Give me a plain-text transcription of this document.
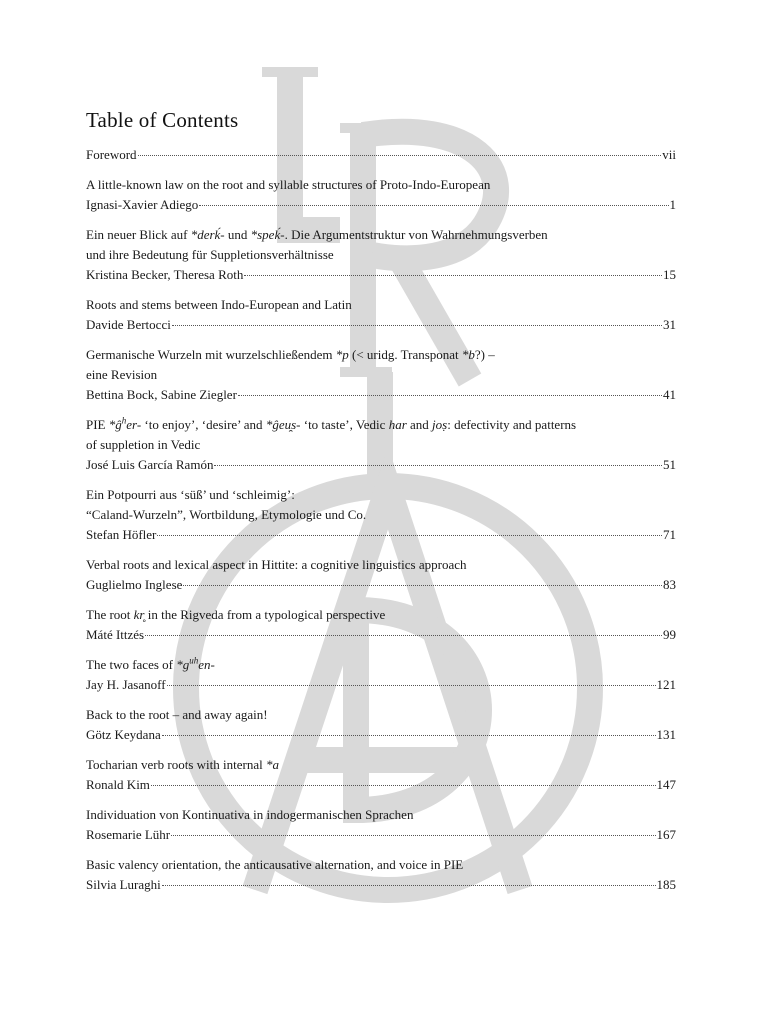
Table of Contents
Foreword	vii
A little-known law on the root and syllable structures of Proto-Indo-European
Ignasi-Xavier Adiego	1
Ein neuer Blick auf *derḱ- und *speḱ-. Die Argumentstruktur von Wahrnehmungsverben
und ihre Bedeutung für Suppletionsverhältnisse
Kristina Becker, Theresa Roth	15
Roots and stems between Indo-European and Latin
Davide Bertocci	31
Germanische Wurzeln mit wurzelschließendem *p (< uridg. Transponat *b?) –
eine Revision
Bettina Bock, Sabine Ziegler	41
PIE $*ĝ^her-$ ‘to enjoy’, ‘desire’ and *ĝeu̯s- ‘to taste’, Vedic har and joṣ: defectivity and patterns
of suppletion in Vedic
José Luis García Ramón	51
Ein Potpourri aus ‘süß’ und ‘schleimig’:
“Caland-Wurzeln”, Wortbildung, Etymologie und Co.
Stefan Höfler	71
Verbal roots and lexical aspect in Hittite: a cognitive linguistics approach
Guglielmo Inglese	83
The root kr̥ in the Rigveda from a typological perspective
Máté Ittzés	99
The two faces of $*g^{uh}en-$
Jay H. Jasanoff	121
Back to the root – and away again!
Götz Keydana	131
Tocharian verb roots with internal *a
Ronald Kim	147
Individuation von Kontinuativa in indogermanischen Sprachen
Rosemarie Lühr	167
Basic valency orientation, the anticausative alternation, and voice in PIE
Silvia Luraghi	185
